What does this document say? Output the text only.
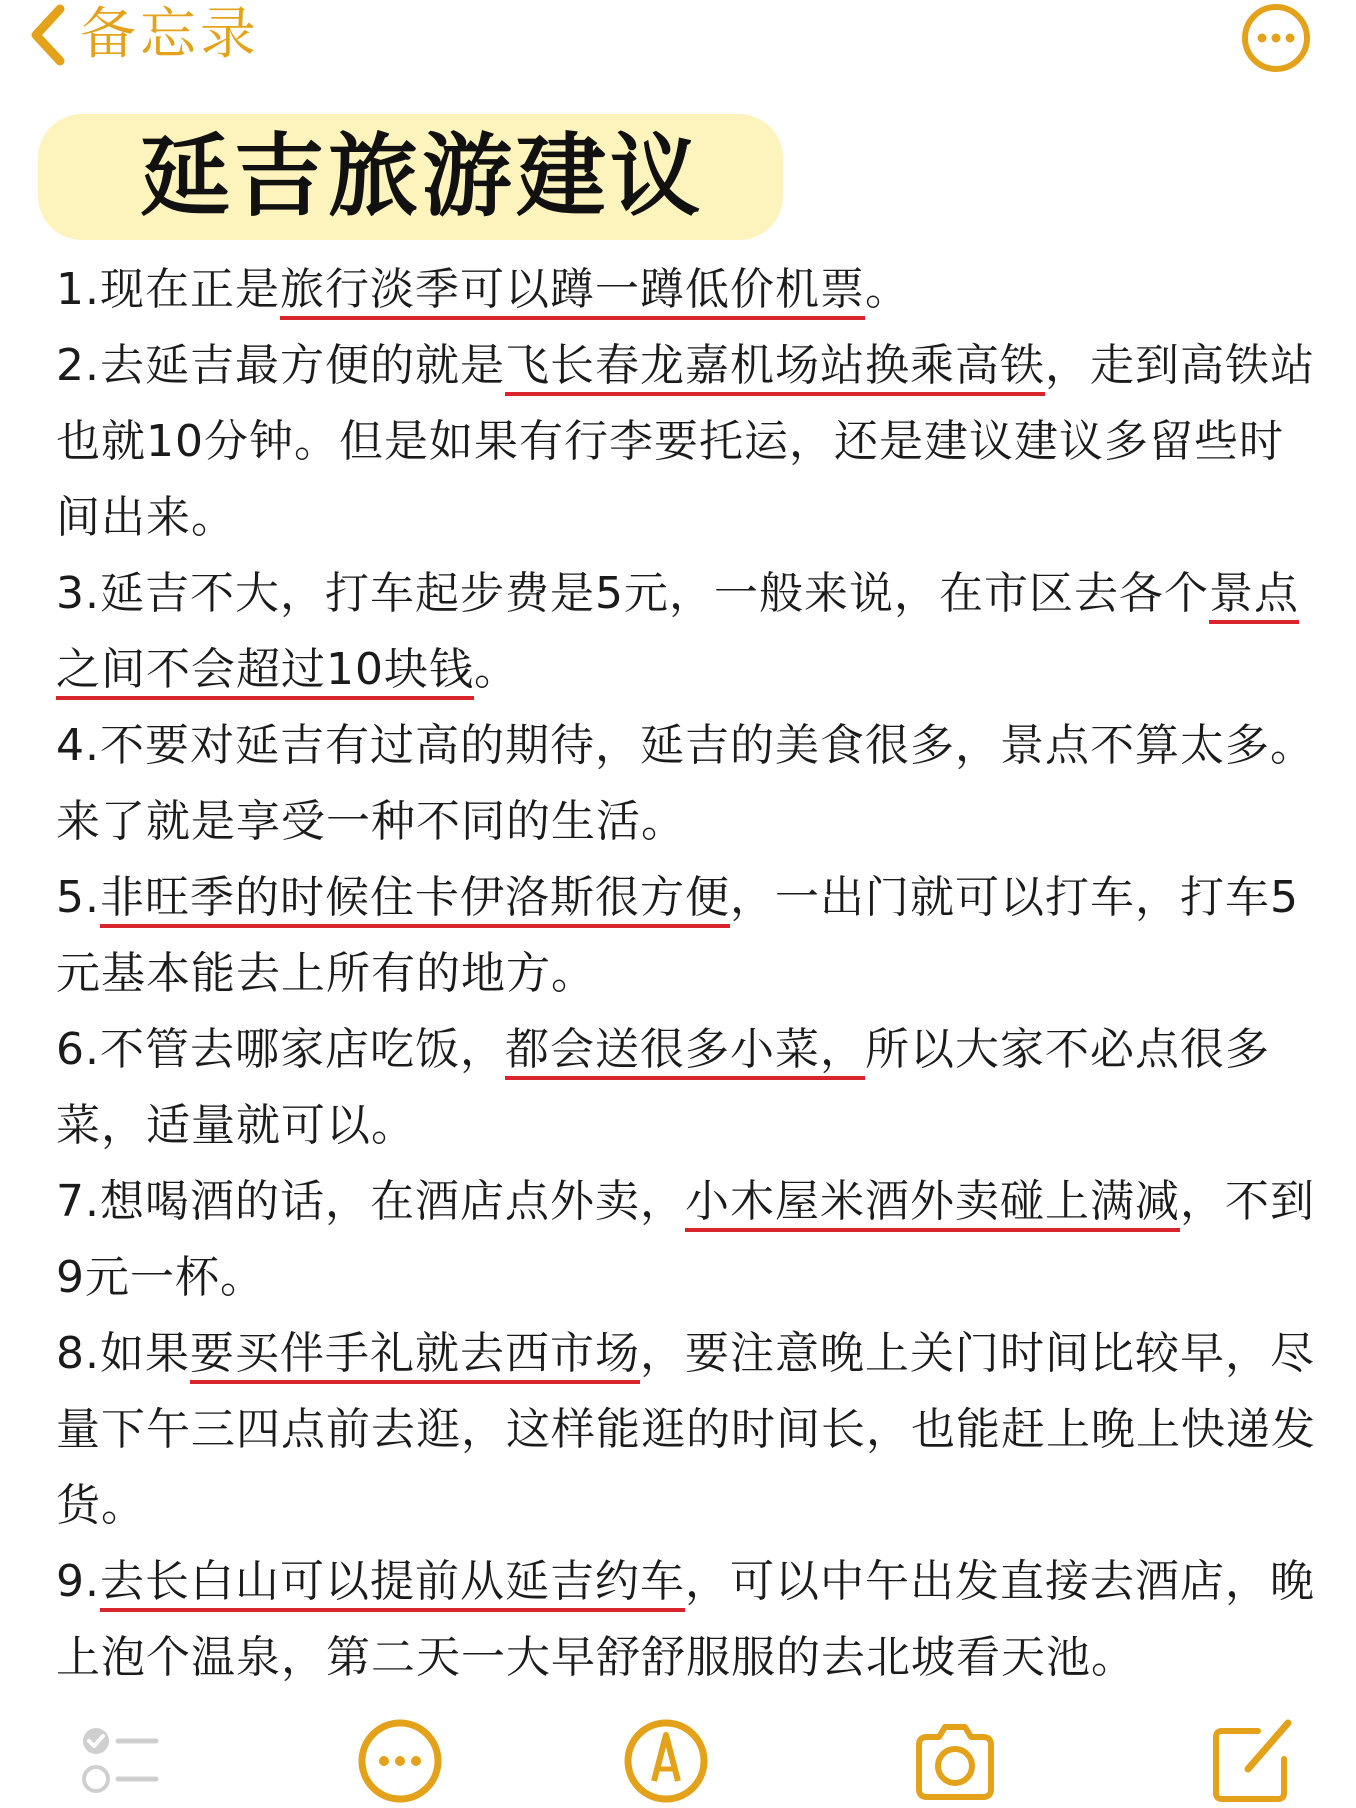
备忘录
延吉旅游建议

1.现在正是旅行淡季可以蹲一蹲低价机票。

2.去延吉最方便的就是飞长春龙嘉机场站换乘高铁，走到高铁站也就10分钟。但是如果有行李要托运，还是建议建议多留些时间出来。

3.延吉不大，打车起步费是5元，一般来说，在市区去各个景点之间不会超过10块钱。

4.不要对延吉有过高的期待，延吉的美食很多，景点不算太多。来了就是享受一种不同的生活。

5.非旺季的时候住卡伊洛斯很方便，一出门就可以打车，打车5元基本能去上所有的地方。

6.不管去哪家店吃饭，都会送很多小菜，所以大家不必点很多菜，适量就可以。

7.想喝酒的话，在酒店点外卖，小木屋米酒外卖碰上满减，不到9元一杯。

8.如果要买伴手礼就去西市场，要注意晚上关门时间比较早，尽量下午三四点前去逛，这样能逛的时间长，也能赶上晚上快递发货。

9.去长白山可以提前从延吉约车，可以中午出发直接去酒店，晚上泡个温泉，第二天一大早舒舒服服的去北坡看天池。
